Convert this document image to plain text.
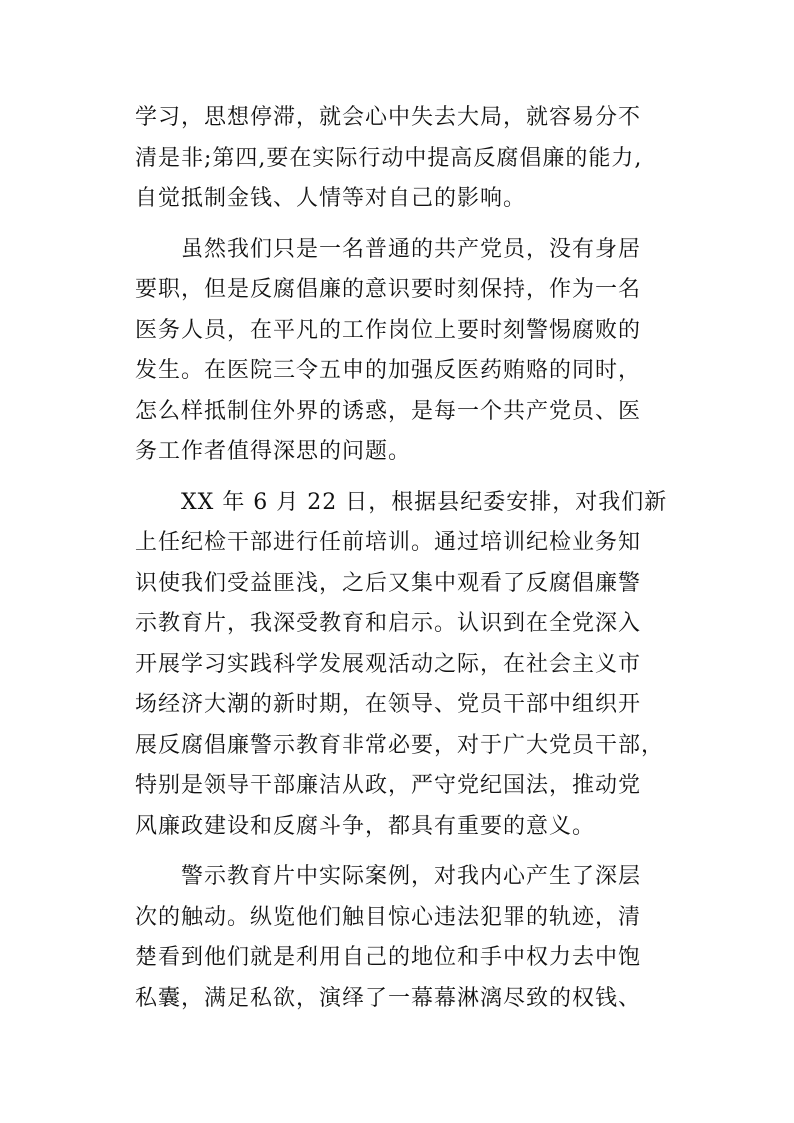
学习，思想停滞，就会心中失去大局，就容易分不
清是非;第四,要在实际行动中提高反腐倡廉的能力,
自觉抵制金钱、人情等对自己的影响。
虽然我们只是一名普通的共产党员，没有身居
要职，但是反腐倡廉的意识要时刻保持，作为一名
医务人员，在平凡的工作岗位上要时刻警惕腐败的
发生。在医院三令五申的加强反医药贿赂的同时，
怎么样抵制住外界的诱惑，是每一个共产党员、医
务工作者值得深思的问题。
XX 年 6 月 22 日，根据县纪委安排，对我们新
上任纪检干部进行任前培训。通过培训纪检业务知
识使我们受益匪浅，之后又集中观看了反腐倡廉警
示教育片，我深受教育和启示。认识到在全党深入
开展学习实践科学发展观活动之际，在社会主义市
场经济大潮的新时期，在领导、党员干部中组织开
展反腐倡廉警示教育非常必要，对于广大党员干部，
特别是领导干部廉洁从政，严守党纪国法，推动党
风廉政建设和反腐斗争，都具有重要的意义。
警示教育片中实际案例，对我内心产生了深层
次的触动。纵览他们触目惊心违法犯罪的轨迹，清
楚看到他们就是利用自己的地位和手中权力去中饱
私囊，满足私欲，演绎了一幕幕淋漓尽致的权钱、
